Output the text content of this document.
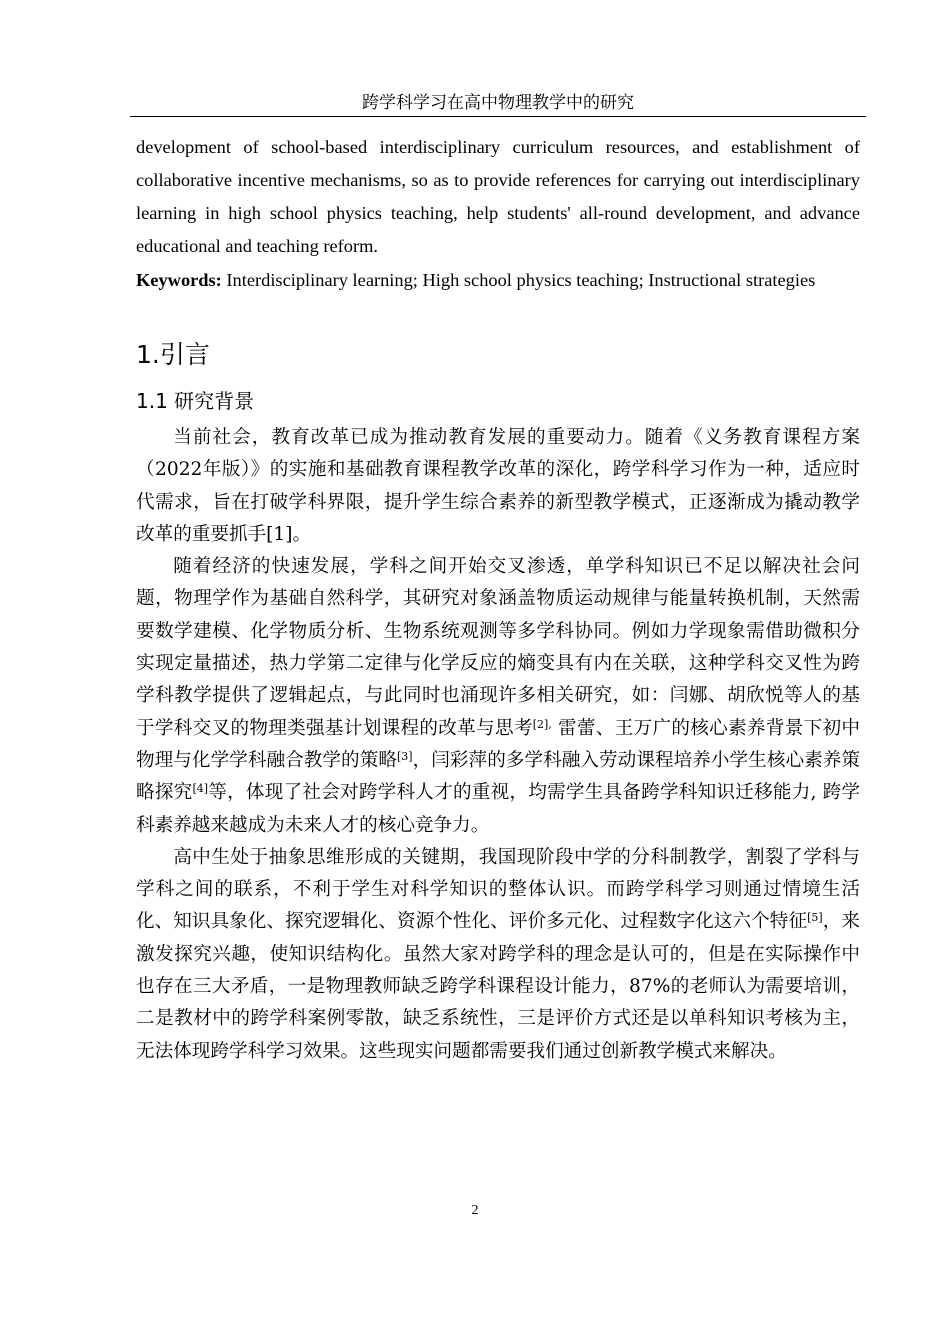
跨学科学习在高中物理教学中的研究

development of school-based interdisciplinary curriculum resources, and establishment of collaborative incentive mechanisms, so as to provide references for carrying out interdisciplinary learning in high school physics teaching, help students' all-round development, and advance educational and teaching reform.

Keywords: Interdisciplinary learning; High school physics teaching; Instructional strategies
1.引言
1.1 研究背景

当前社会，教育改革已成为推动教育发展的重要动力。随着《义务教育课程方案（2022年版）》的实施和基础教育课程教学改革的深化，跨学科学习作为一种，适应时代需求，旨在打破学科界限，提升学生综合素养的新型教学模式，正逐渐成为撬动教学改革的重要抓手[1]。

随着经济的快速发展，学科之间开始交叉渗透，单学科知识已不足以解决社会问题，物理学作为基础自然科学，其研究对象涵盖物质运动规律与能量转换机制，天然需要数学建模、化学物质分析、生物系统观测等多学科协同。例如力学现象需借助微积分实现定量描述，热力学第二定律与化学反应的熵变具有内在关联，这种学科交叉性为跨学科教学提供了逻辑起点，与此同时也涌现许多相关研究，如：闫娜、胡欣悦等人的基于学科交叉的物理类强基计划课程的改革与思考$^{[2],}$ 雷蕾、王万广的核心素养背景下初中物理与化学学科融合教学的策略[3]，闫彩萍的多学科融入劳动课程培养小学生核心素养策略探究[4]等，体现了社会对跨学科人才的重视，均需学生具备跨学科知识迁移能力, 跨学科素养越来越成为未来人才的核心竞争力。

高中生处于抽象思维形成的关键期，我国现阶段中学的分科制教学，割裂了学科与学科之间的联系，不利于学生对科学知识的整体认识。而跨学科学习则通过情境生活化、知识具象化、探究逻辑化、资源个性化、评价多元化、过程数字化这六个特征[5]，来激发探究兴趣，使知识结构化。虽然大家对跨学科的理念是认可的，但是在实际操作中也存在三大矛盾，一是物理教师缺乏跨学科课程设计能力，87%的老师认为需要培训，二是教材中的跨学科案例零散，缺乏系统性，三是评价方式还是以单科知识考核为主，无法体现跨学科学习效果。这些现实问题都需要我们通过创新教学模式来解决。

2
